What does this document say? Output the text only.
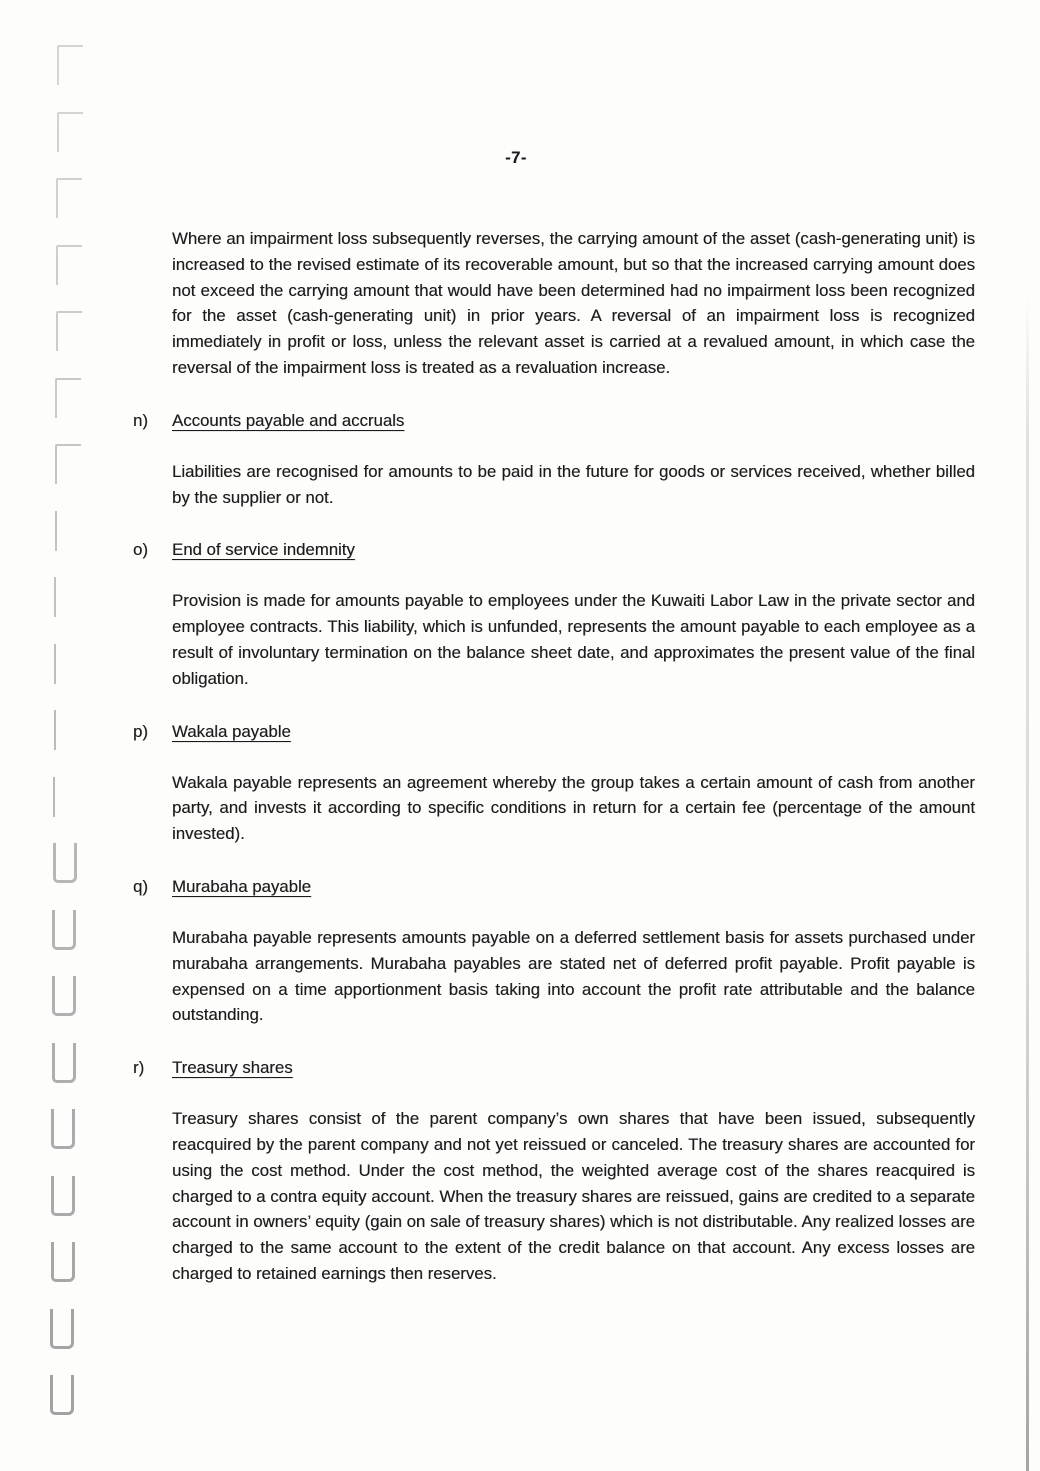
-7-

Where an impairment loss subsequently reverses, the carrying amount of the asset (cash-generating unit) is increased to the revised estimate of its recoverable amount, but so that the increased carrying amount does not exceed the carrying amount that would have been determined had no impairment loss been recognized for the asset (cash-generating unit) in prior years. A reversal of an impairment loss is recognized immediately in profit or loss, unless the relevant asset is carried at a revalued amount, in which case the reversal of the impairment loss is treated as a revaluation increase.

n)	Accounts payable and accruals

Liabilities are recognised for amounts to be paid in the future for goods or services received, whether billed by the supplier or not.

o)	End of service indemnity

Provision is made for amounts payable to employees under the Kuwaiti Labor Law in the private sector and employee contracts. This liability, which is unfunded, represents the amount payable to each employee as a result of involuntary termination on the balance sheet date, and approximates the present value of the final obligation.

p)	Wakala payable

Wakala payable represents an agreement whereby the group takes a certain amount of cash from another party, and invests it according to specific conditions in return for a certain fee (percentage of the amount invested).

q)	Murabaha payable

Murabaha payable represents amounts payable on a deferred settlement basis for assets purchased under murabaha arrangements. Murabaha payables are stated net of deferred profit payable. Profit payable is expensed on a time apportionment basis taking into account the profit rate attributable and the balance outstanding.

r)	Treasury shares

Treasury shares consist of the parent company’s own shares that have been issued, subsequently reacquired by the parent company and not yet reissued or canceled. The treasury shares are accounted for using the cost method. Under the cost method, the weighted average cost of the shares reacquired is charged to a contra equity account. When the treasury shares are reissued, gains are credited to a separate account in owners’ equity (gain on sale of treasury shares) which is not distributable. Any realized losses are charged to the same account to the extent of the credit balance on that account. Any excess losses are charged to retained earnings then reserves.
